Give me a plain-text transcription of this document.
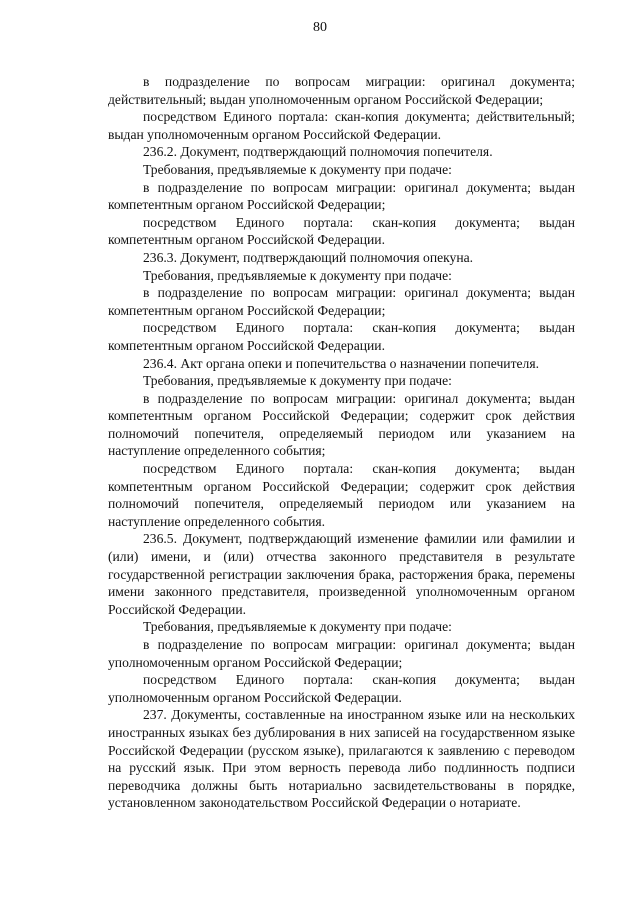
80

в подразделение по вопросам миграции: оригинал документа; действительный; выдан уполномоченным органом Российской Федерации;

посредством Единого портала: скан-копия документа; действительный; выдан уполномоченным органом Российской Федерации.

236.2. Документ, подтверждающий полномочия попечителя.

Требования, предъявляемые к документу при подаче:

в подразделение по вопросам миграции: оригинал документа; выдан компетентным органом Российской Федерации;

посредством Единого портала: скан-копия документа; выдан компетентным органом Российской Федерации.

236.3. Документ, подтверждающий полномочия опекуна.

Требования, предъявляемые к документу при подаче:

в подразделение по вопросам миграции: оригинал документа; выдан компетентным органом Российской Федерации;

посредством Единого портала: скан-копия документа; выдан компетентным органом Российской Федерации.

236.4. Акт органа опеки и попечительства о назначении попечителя.

Требования, предъявляемые к документу при подаче:

в подразделение по вопросам миграции: оригинал документа; выдан компетентным органом Российской Федерации; содержит срок действия полномочий попечителя, определяемый периодом или указанием на наступление определенного события;

посредством Единого портала: скан-копия документа; выдан компетентным органом Российской Федерации; содержит срок действия полномочий попечителя, определяемый периодом или указанием на наступление определенного события.

236.5. Документ, подтверждающий изменение фамилии или фамилии и (или) имени, и (или) отчества законного представителя в результате государственной регистрации заключения брака, расторжения брака, перемены имени законного представителя, произведенной уполномоченным органом Российской Федерации.

Требования, предъявляемые к документу при подаче:

в подразделение по вопросам миграции: оригинал документа; выдан уполномоченным органом Российской Федерации;

посредством Единого портала: скан-копия документа; выдан уполномоченным органом Российской Федерации.

237. Документы, составленные на иностранном языке или на нескольких иностранных языках без дублирования в них записей на государственном языке Российской Федерации (русском языке), прилагаются к заявлению с переводом на русский язык. При этом верность перевода либо подлинность подписи переводчика должны быть нотариально засвидетельствованы в порядке, установленном законодательством Российской Федерации о нотариате.
